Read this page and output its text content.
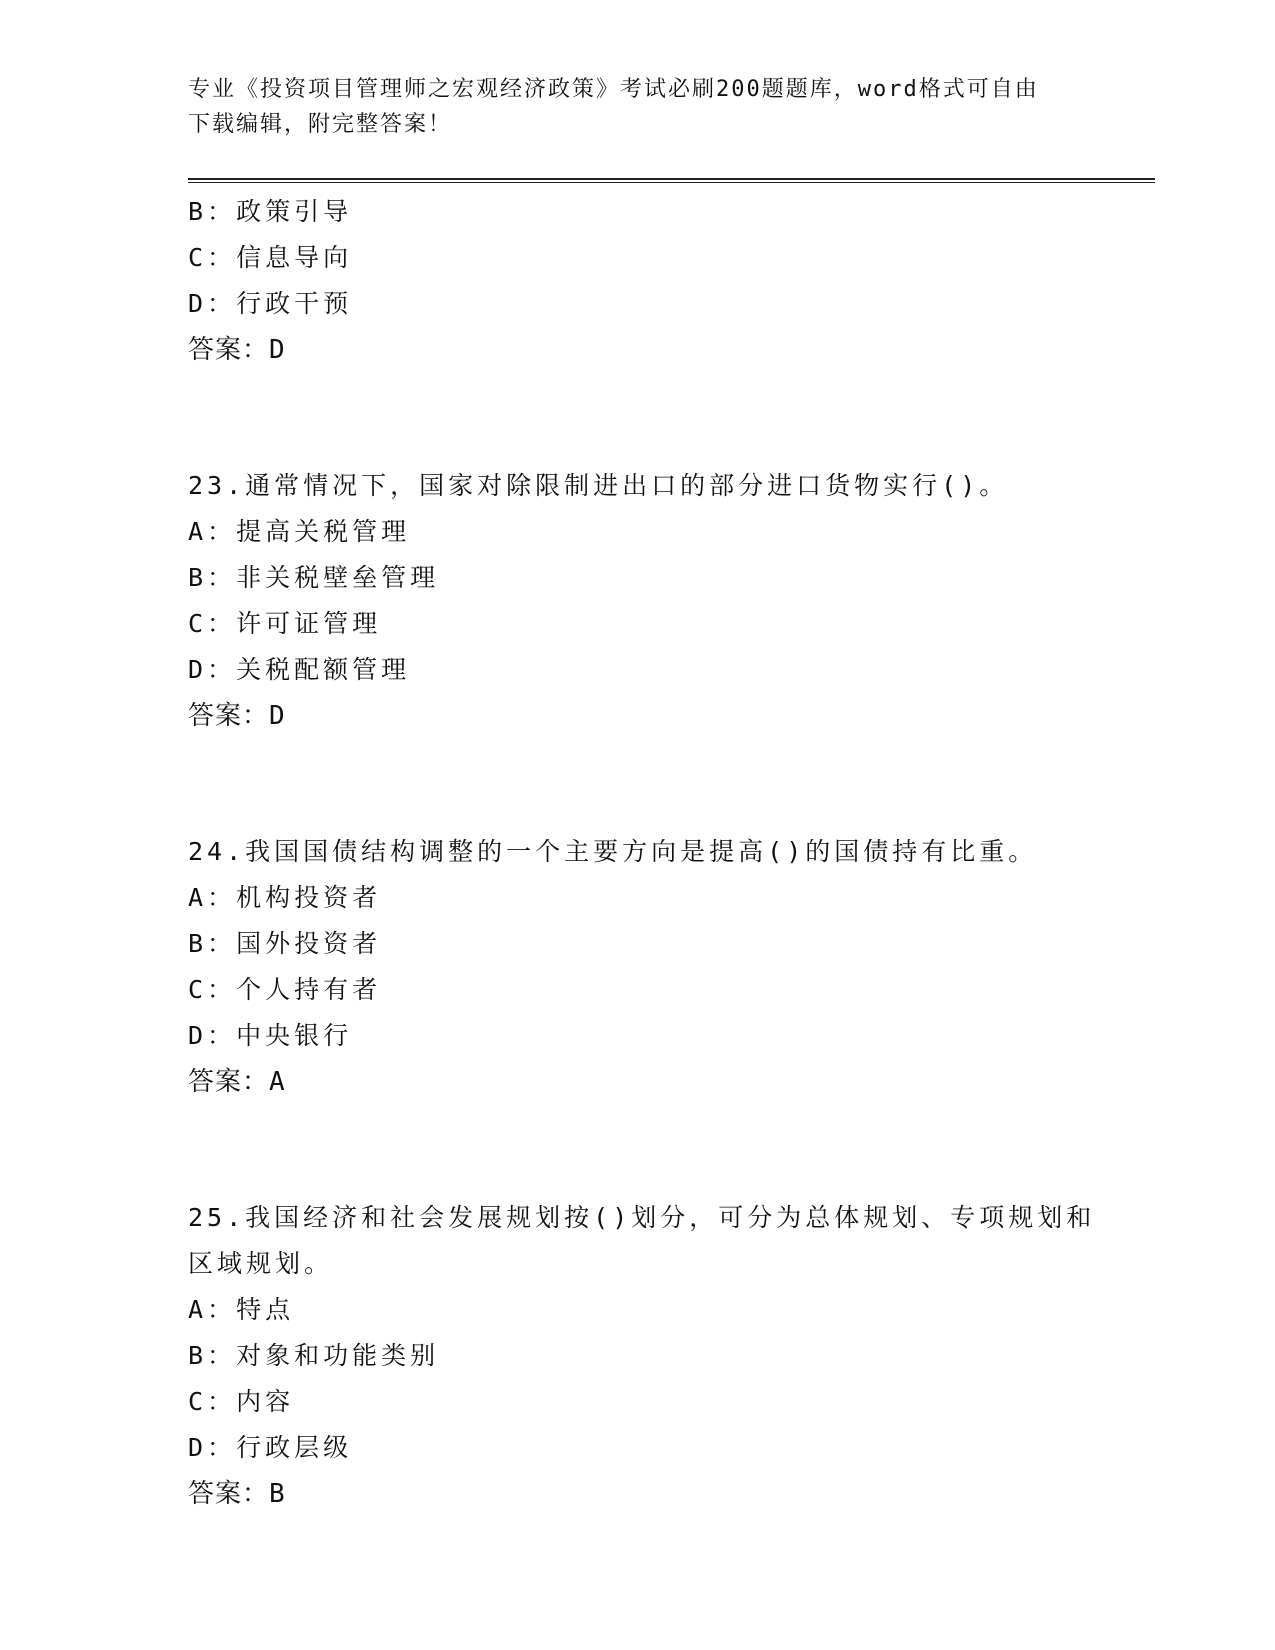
专业《投资项目管理师之宏观经济政策》考试必刷200题题库，word格式可自由
下载编辑，附完整答案！
B：政策引导
C：信息导向
D：行政干预
答案：D
23.通常情况下，国家对除限制进出口的部分进口货物实行()。
A：提高关税管理
B：非关税壁垒管理
C：许可证管理
D：关税配额管理
答案：D
24.我国国债结构调整的一个主要方向是提高()的国债持有比重。
A：机构投资者
B：国外投资者
C：个人持有者
D：中央银行
答案：A
25.我国经济和社会发展规划按()划分，可分为总体规划、专项规划和
区域规划。
A：特点
B：对象和功能类别
C：内容
D：行政层级
答案：B
